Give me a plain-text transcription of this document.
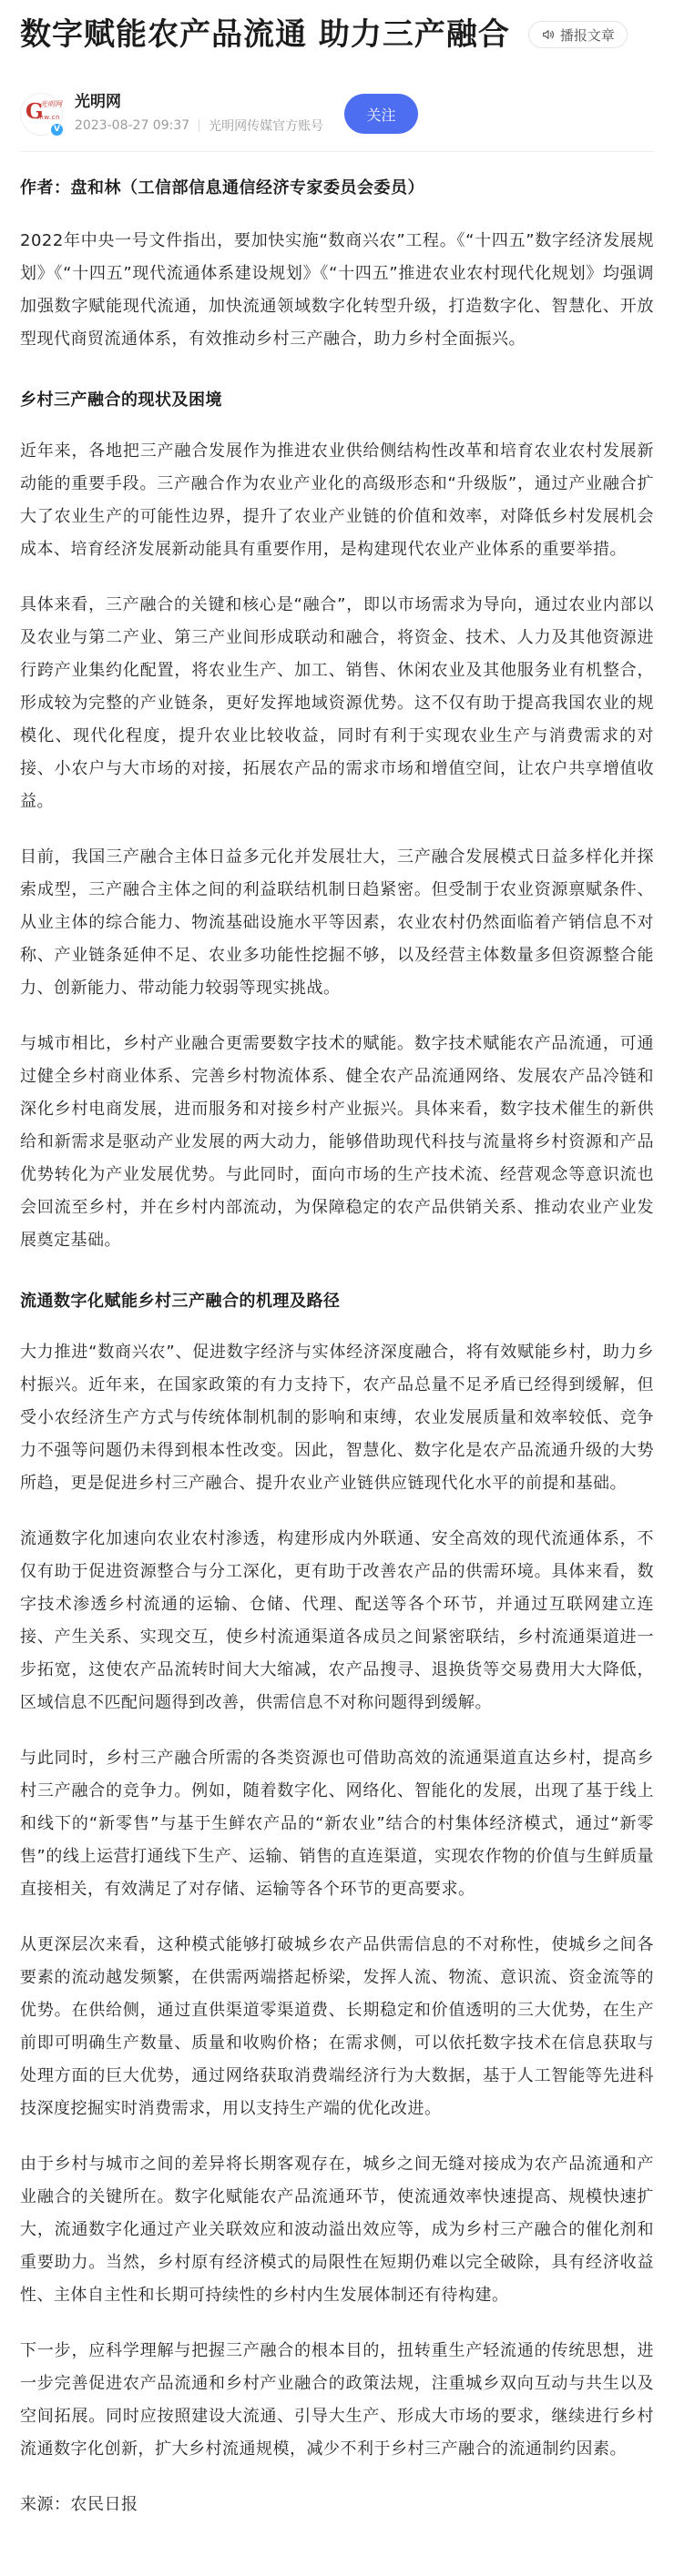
数字赋能农产品流通 助力三产融合	播报文章
光明网
G
mw.cn
V
光明网
2023-08-27 09:37 光明网传媒官方账号
关注

作者：盘和林（工信部信息通信经济专家委员会委员）

2022年中央一号文件指出，要加快实施“数商兴农”工程。《“十四五”数字经济发展规划》《“十四五”现代流通体系建设规划》《“十四五”推进农业农村现代化规划》均强调加强数字赋能现代流通，加快流通领域数字化转型升级，打造数字化、智慧化、开放型现代商贸流通体系，有效推动乡村三产融合，助力乡村全面振兴。

乡村三产融合的现状及困境

近年来，各地把三产融合发展作为推进农业供给侧结构性改革和培育农业农村发展新动能的重要手段。三产融合作为农业产业化的高级形态和“升级版”，通过产业融合扩大了农业生产的可能性边界，提升了农业产业链的价值和效率，对降低乡村发展机会成本、培育经济发展新动能具有重要作用，是构建现代农业产业体系的重要举措。

具体来看，三产融合的关键和核心是“融合”，即以市场需求为导向，通过农业内部以及农业与第二产业、第三产业间形成联动和融合，将资金、技术、人力及其他资源进行跨产业集约化配置，将农业生产、加工、销售、休闲农业及其他服务业有机整合，形成较为完整的产业链条，更好发挥地域资源优势。这不仅有助于提高我国农业的规模化、现代化程度，提升农业比较收益，同时有利于实现农业生产与消费需求的对接、小农户与大市场的对接，拓展农产品的需求市场和增值空间，让农户共享增值收益。

目前，我国三产融合主体日益多元化并发展壮大，三产融合发展模式日益多样化并探索成型，三产融合主体之间的利益联结机制日趋紧密。但受制于农业资源禀赋条件、从业主体的综合能力、物流基础设施水平等因素，农业农村仍然面临着产销信息不对称、产业链条延伸不足、农业多功能性挖掘不够，以及经营主体数量多但资源整合能力、创新能力、带动能力较弱等现实挑战。

与城市相比，乡村产业融合更需要数字技术的赋能。数字技术赋能农产品流通，可通过健全乡村商业体系、完善乡村物流体系、健全农产品流通网络、发展农产品冷链和深化乡村电商发展，进而服务和对接乡村产业振兴。具体来看，数字技术催生的新供给和新需求是驱动产业发展的两大动力，能够借助现代科技与流量将乡村资源和产品优势转化为产业发展优势。与此同时，面向市场的生产技术流、经营观念等意识流也会回流至乡村，并在乡村内部流动，为保障稳定的农产品供销关系、推动农业产业发展奠定基础。

流通数字化赋能乡村三产融合的机理及路径

大力推进“数商兴农”、促进数字经济与实体经济深度融合，将有效赋能乡村，助力乡村振兴。近年来，在国家政策的有力支持下，农产品总量不足矛盾已经得到缓解，但受小农经济生产方式与传统体制机制的影响和束缚，农业发展质量和效率较低、竞争力不强等问题仍未得到根本性改变。因此，智慧化、数字化是农产品流通升级的大势所趋，更是促进乡村三产融合、提升农业产业链供应链现代化水平的前提和基础。

流通数字化加速向农业农村渗透，构建形成内外联通、安全高效的现代流通体系，不仅有助于促进资源整合与分工深化，更有助于改善农产品的供需环境。具体来看，数字技术渗透乡村流通的运输、仓储、代理、配送等各个环节，并通过互联网建立连接、产生关系、实现交互，使乡村流通渠道各成员之间紧密联结，乡村流通渠道进一步拓宽，这使农产品流转时间大大缩减，农产品搜寻、退换货等交易费用大大降低，区域信息不匹配问题得到改善，供需信息不对称问题得到缓解。

与此同时，乡村三产融合所需的各类资源也可借助高效的流通渠道直达乡村，提高乡村三产融合的竞争力。例如，随着数字化、网络化、智能化的发展，出现了基于线上和线下的“新零售”与基于生鲜农产品的“新农业”结合的村集体经济模式，通过“新零售”的线上运营打通线下生产、运输、销售的直连渠道，实现农作物的价值与生鲜质量直接相关，有效满足了对存储、运输等各个环节的更高要求。

从更深层次来看，这种模式能够打破城乡农产品供需信息的不对称性，使城乡之间各要素的流动越发频繁，在供需两端搭起桥梁，发挥人流、物流、意识流、资金流等的优势。在供给侧，通过直供渠道零渠道费、长期稳定和价值透明的三大优势，在生产前即可明确生产数量、质量和收购价格；在需求侧，可以依托数字技术在信息获取与处理方面的巨大优势，通过网络获取消费端经济行为大数据，基于人工智能等先进科技深度挖掘实时消费需求，用以支持生产端的优化改进。

由于乡村与城市之间的差异将长期客观存在，城乡之间无缝对接成为农产品流通和产业融合的关键所在。数字化赋能农产品流通环节，使流通效率快速提高、规模快速扩大，流通数字化通过产业关联效应和波动溢出效应等，成为乡村三产融合的催化剂和重要助力。当然，乡村原有经济模式的局限性在短期仍难以完全破除，具有经济收益性、主体自主性和长期可持续性的乡村内生发展体制还有待构建。

下一步，应科学理解与把握三产融合的根本目的，扭转重生产轻流通的传统思想，进一步完善促进农产品流通和乡村产业融合的政策法规，注重城乡双向互动与共生以及空间拓展。同时应按照建设大流通、引导大生产、形成大市场的要求，继续进行乡村流通数字化创新，扩大乡村流通规模，减少不利于乡村三产融合的流通制约因素。

来源：农民日报
